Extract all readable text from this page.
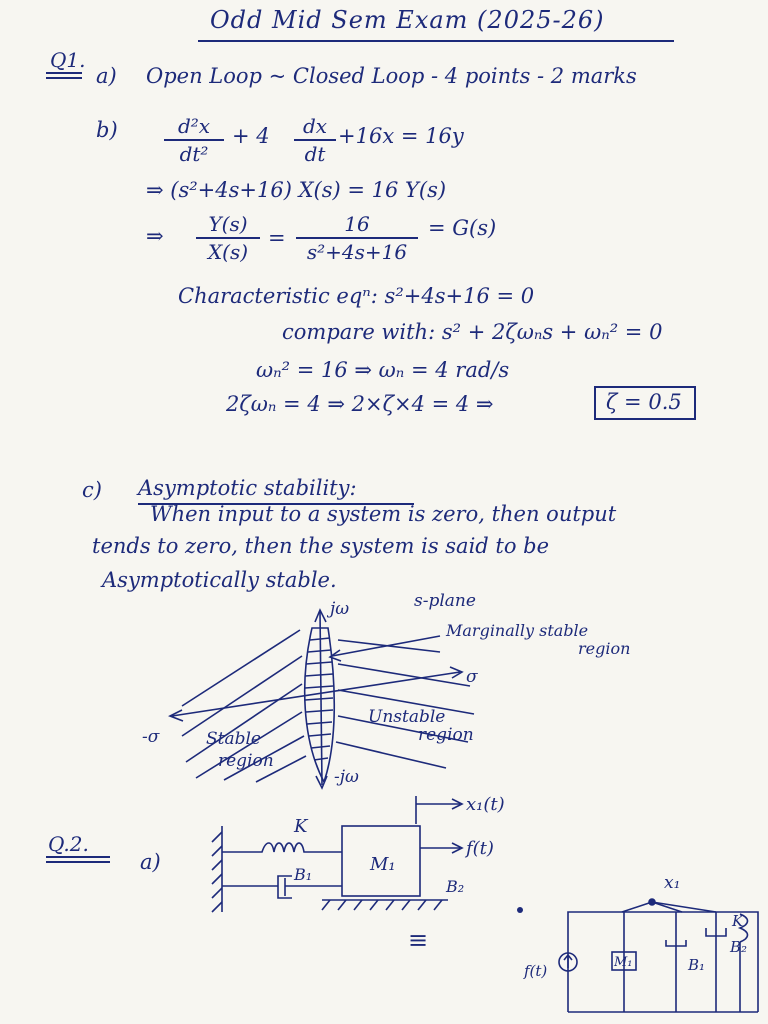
Odd Mid Sem Exam (2025-26)
Q1.
a) Open Loop ~ Closed Loop - 4 points - 2 marks
b)	d²x
dt²
+ 4	dx
dt
+16x = 16y
⇒ (s²+4s+16) X(s) = 16 Y(s)
⇒	Y(s)
X(s)
=
16
s²+4s+16
= G(s)
Characteristic eqⁿ: s²+4s+16 = 0
compare with: s² + 2ζωₙs + ωₙ² = 0
ωₙ² = 16 ⇒ ωₙ = 4 rad/s
2ζωₙ = 4 ⇒ 2×ζ×4 = 4 ⇒	ζ = 0.5
c) Asymptotic stability:
When input to a system is zero, then output
tends to zero, then the system is said to be
Asymptotically stable.
jω
-jω
σ
-σ
s-plane
Marginally stable
region
Unstable
region
Stable
region
Q.2.
a)
K
B₁	M₁
B₂
x₁(t)
f(t)
≡
x₁
f(t)	M₁	B₁
K
B₂
